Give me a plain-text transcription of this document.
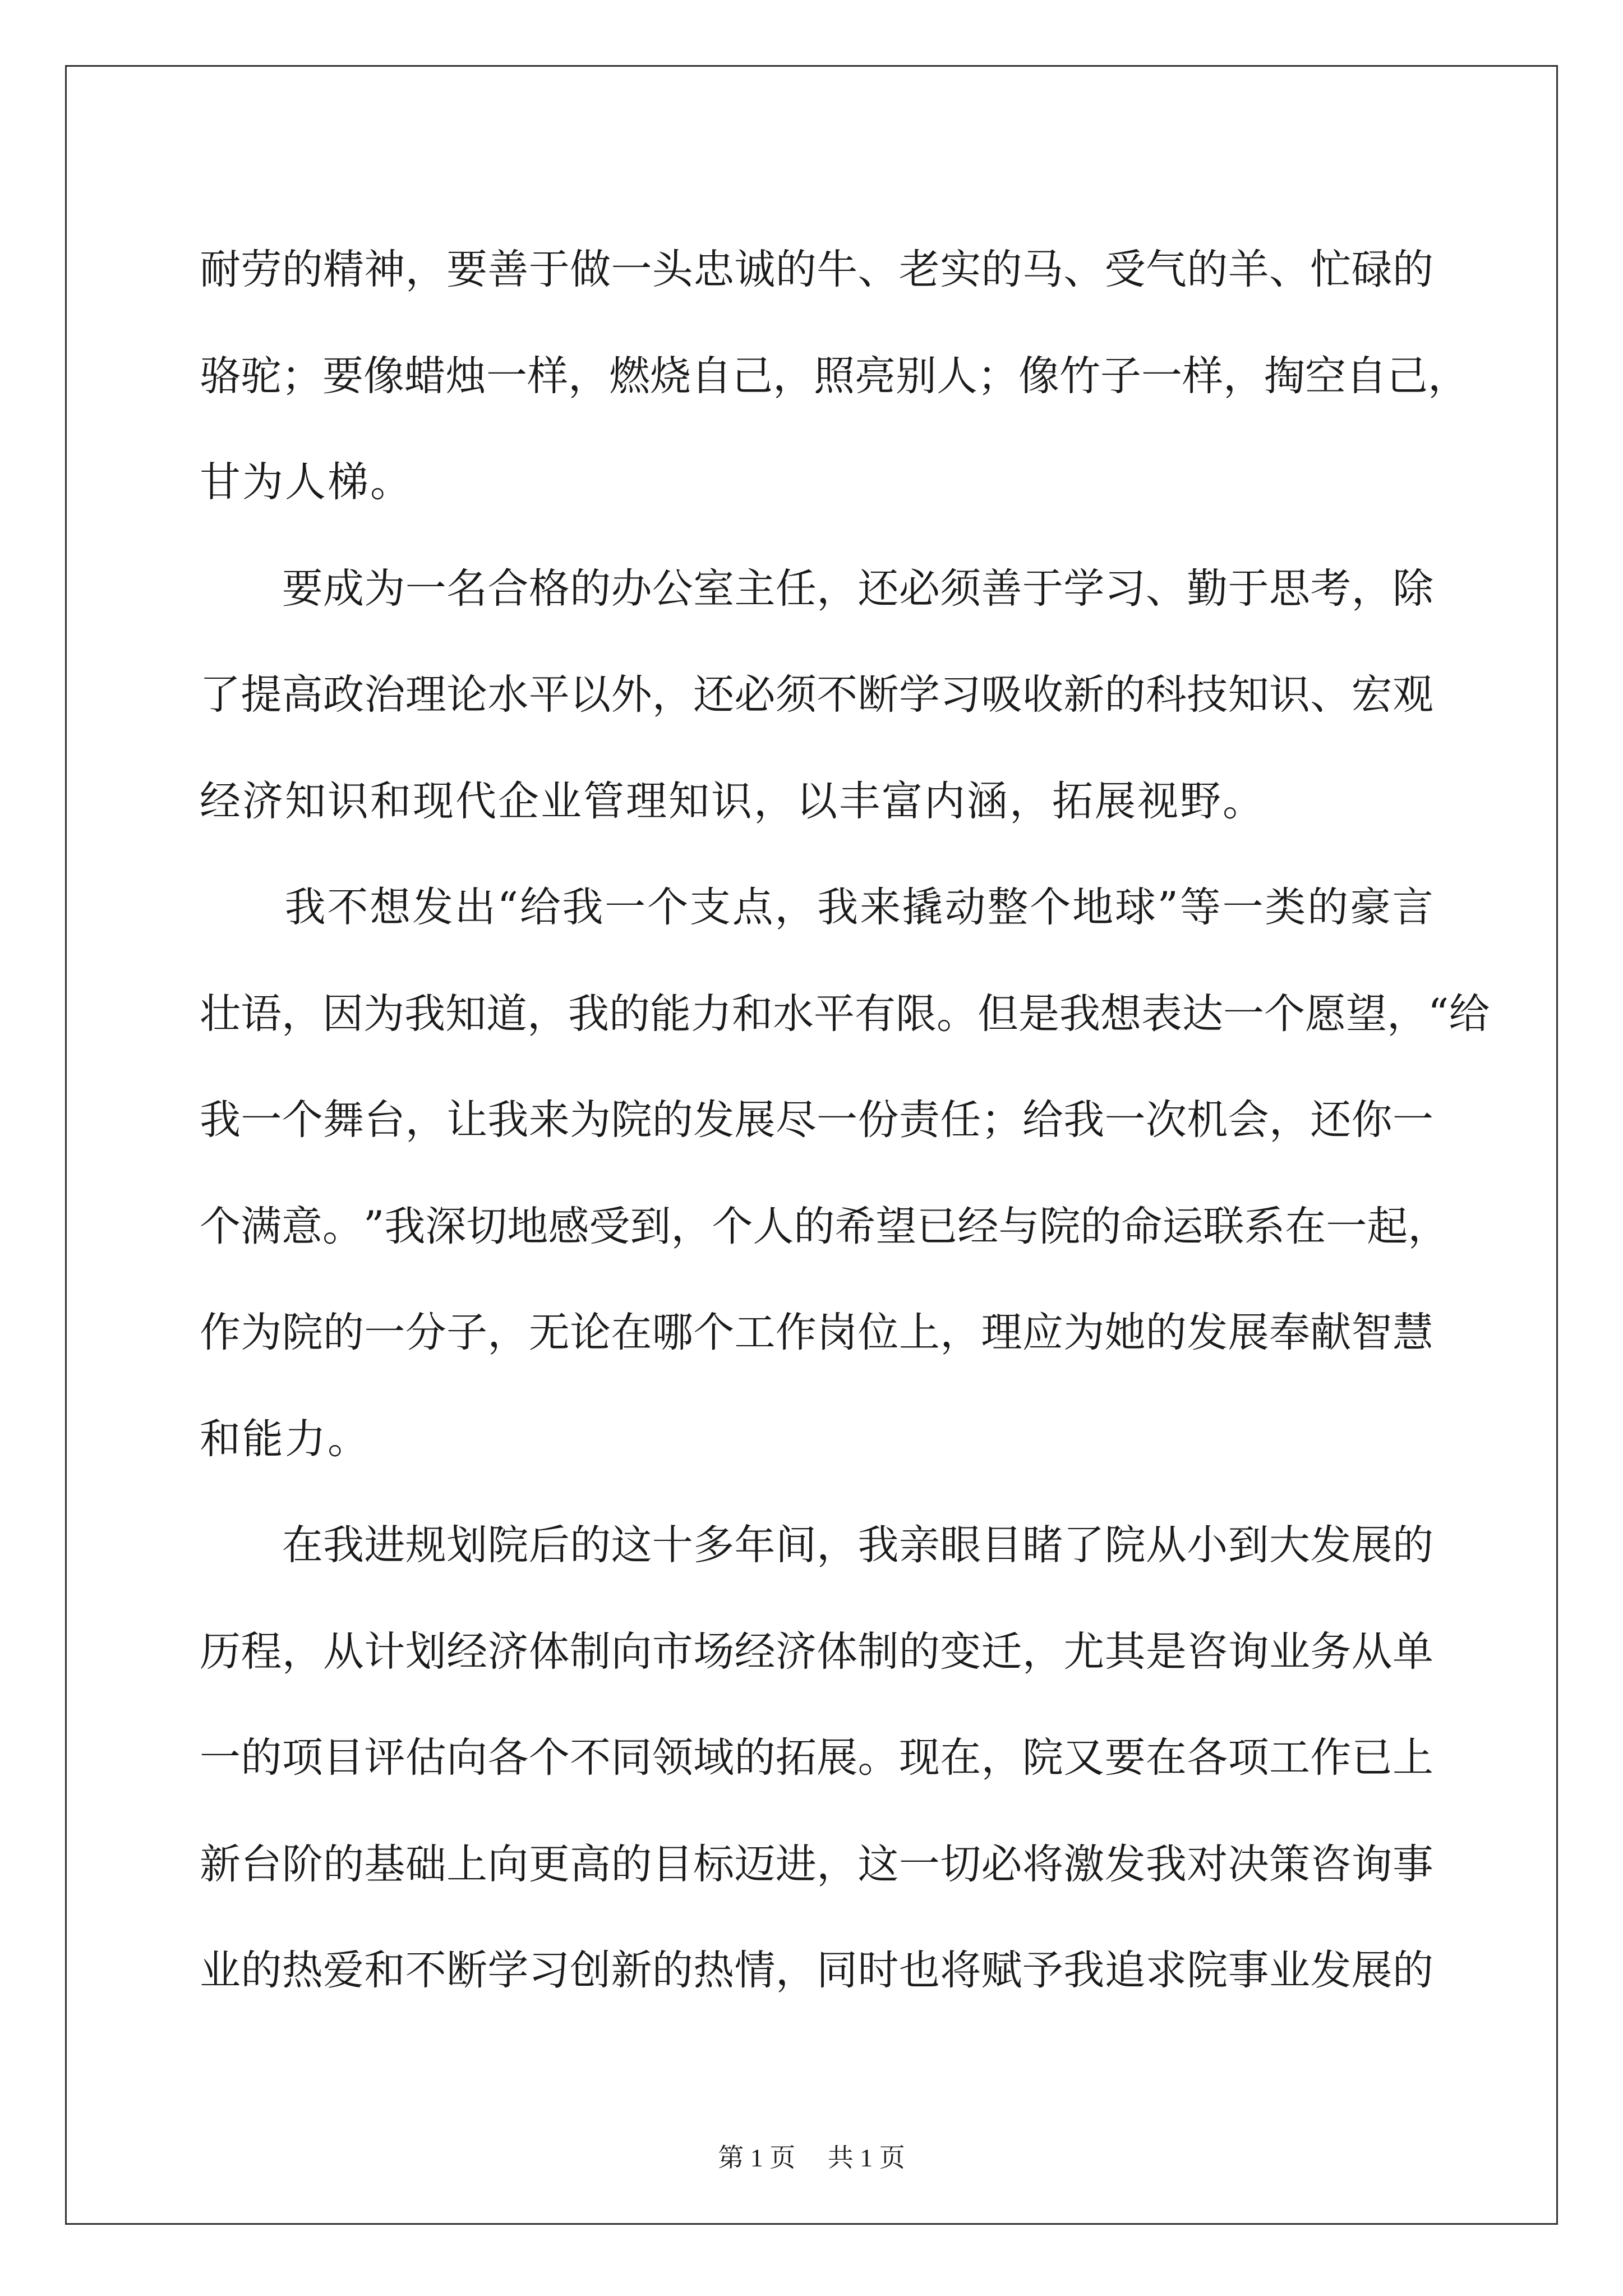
耐 劳 的 精 神 ， 要 善 于 做 一 头 忠 诚 的 牛 、 老 实 的 马 、 受 气 的 羊 、 忙 碌 的
骆 驼 ； 要 像 蜡 烛 一 样 ， 燃 烧 自 己 ， 照 亮 别 人 ； 像 竹 子 一 样 ， 掏 空 自 己 ，
甘 为 人 梯 。

要 成 为 一 名 合 格 的 办 公 室 主 任 ， 还 必 须 善 于 学 习 、 勤 于 思 考 ， 除
了 提 高 政 治 理 论 水 平 以 外 ， 还 必 须 不 断 学 习 吸 收 新 的 科 技 知 识 、 宏 观
经 济 知 识 和 现 代 企 业 管 理 知 识 ， 以 丰 富 内 涵 ， 拓 展 视 野 。

我 不 想 发 出 “ 给 我 一 个 支 点 ， 我 来 撬 动 整 个 地 球 ” 等 一 类 的 豪 言
壮 语 ， 因 为 我 知 道 ， 我 的 能 力 和 水 平 有 限 。 但 是 我 想 表 达 一 个 愿 望 ， “ 给
我 一 个 舞 台 ， 让 我 来 为 院 的 发 展 尽 一 份 责 任 ； 给 我 一 次 机 会 ， 还 你 一
个 满 意 。 ” 我 深 切 地 感 受 到 ， 个 人 的 希 望 已 经 与 院 的 命 运 联 系 在 一 起 ，
作 为 院 的 一 分 子 ， 无 论 在 哪 个 工 作 岗 位 上 ， 理 应 为 她 的 发 展 奉 献 智 慧
和 能 力 。

在 我 进 规 划 院 后 的 这 十 多 年 间 ， 我 亲 眼 目 睹 了 院 从 小 到 大 发 展 的
历 程 ， 从 计 划 经 济 体 制 向 市 场 经 济 体 制 的 变 迁 ， 尤 其 是 咨 询 业 务 从 单
一 的 项 目 评 估 向 各 个 不 同 领 域 的 拓 展 。 现 在 ， 院 又 要 在 各 项 工 作 已 上
新 台 阶 的 基 础 上 向 更 高 的 目 标 迈 进 ， 这 一 切 必 将 激 发 我 对 决 策 咨 询 事
业 的 热 爱 和 不 断 学 习 创 新 的 热 情 ， 同 时 也 将 赋 予 我 追 求 院 事 业 发 展 的
第 1 页　 共 1 页
